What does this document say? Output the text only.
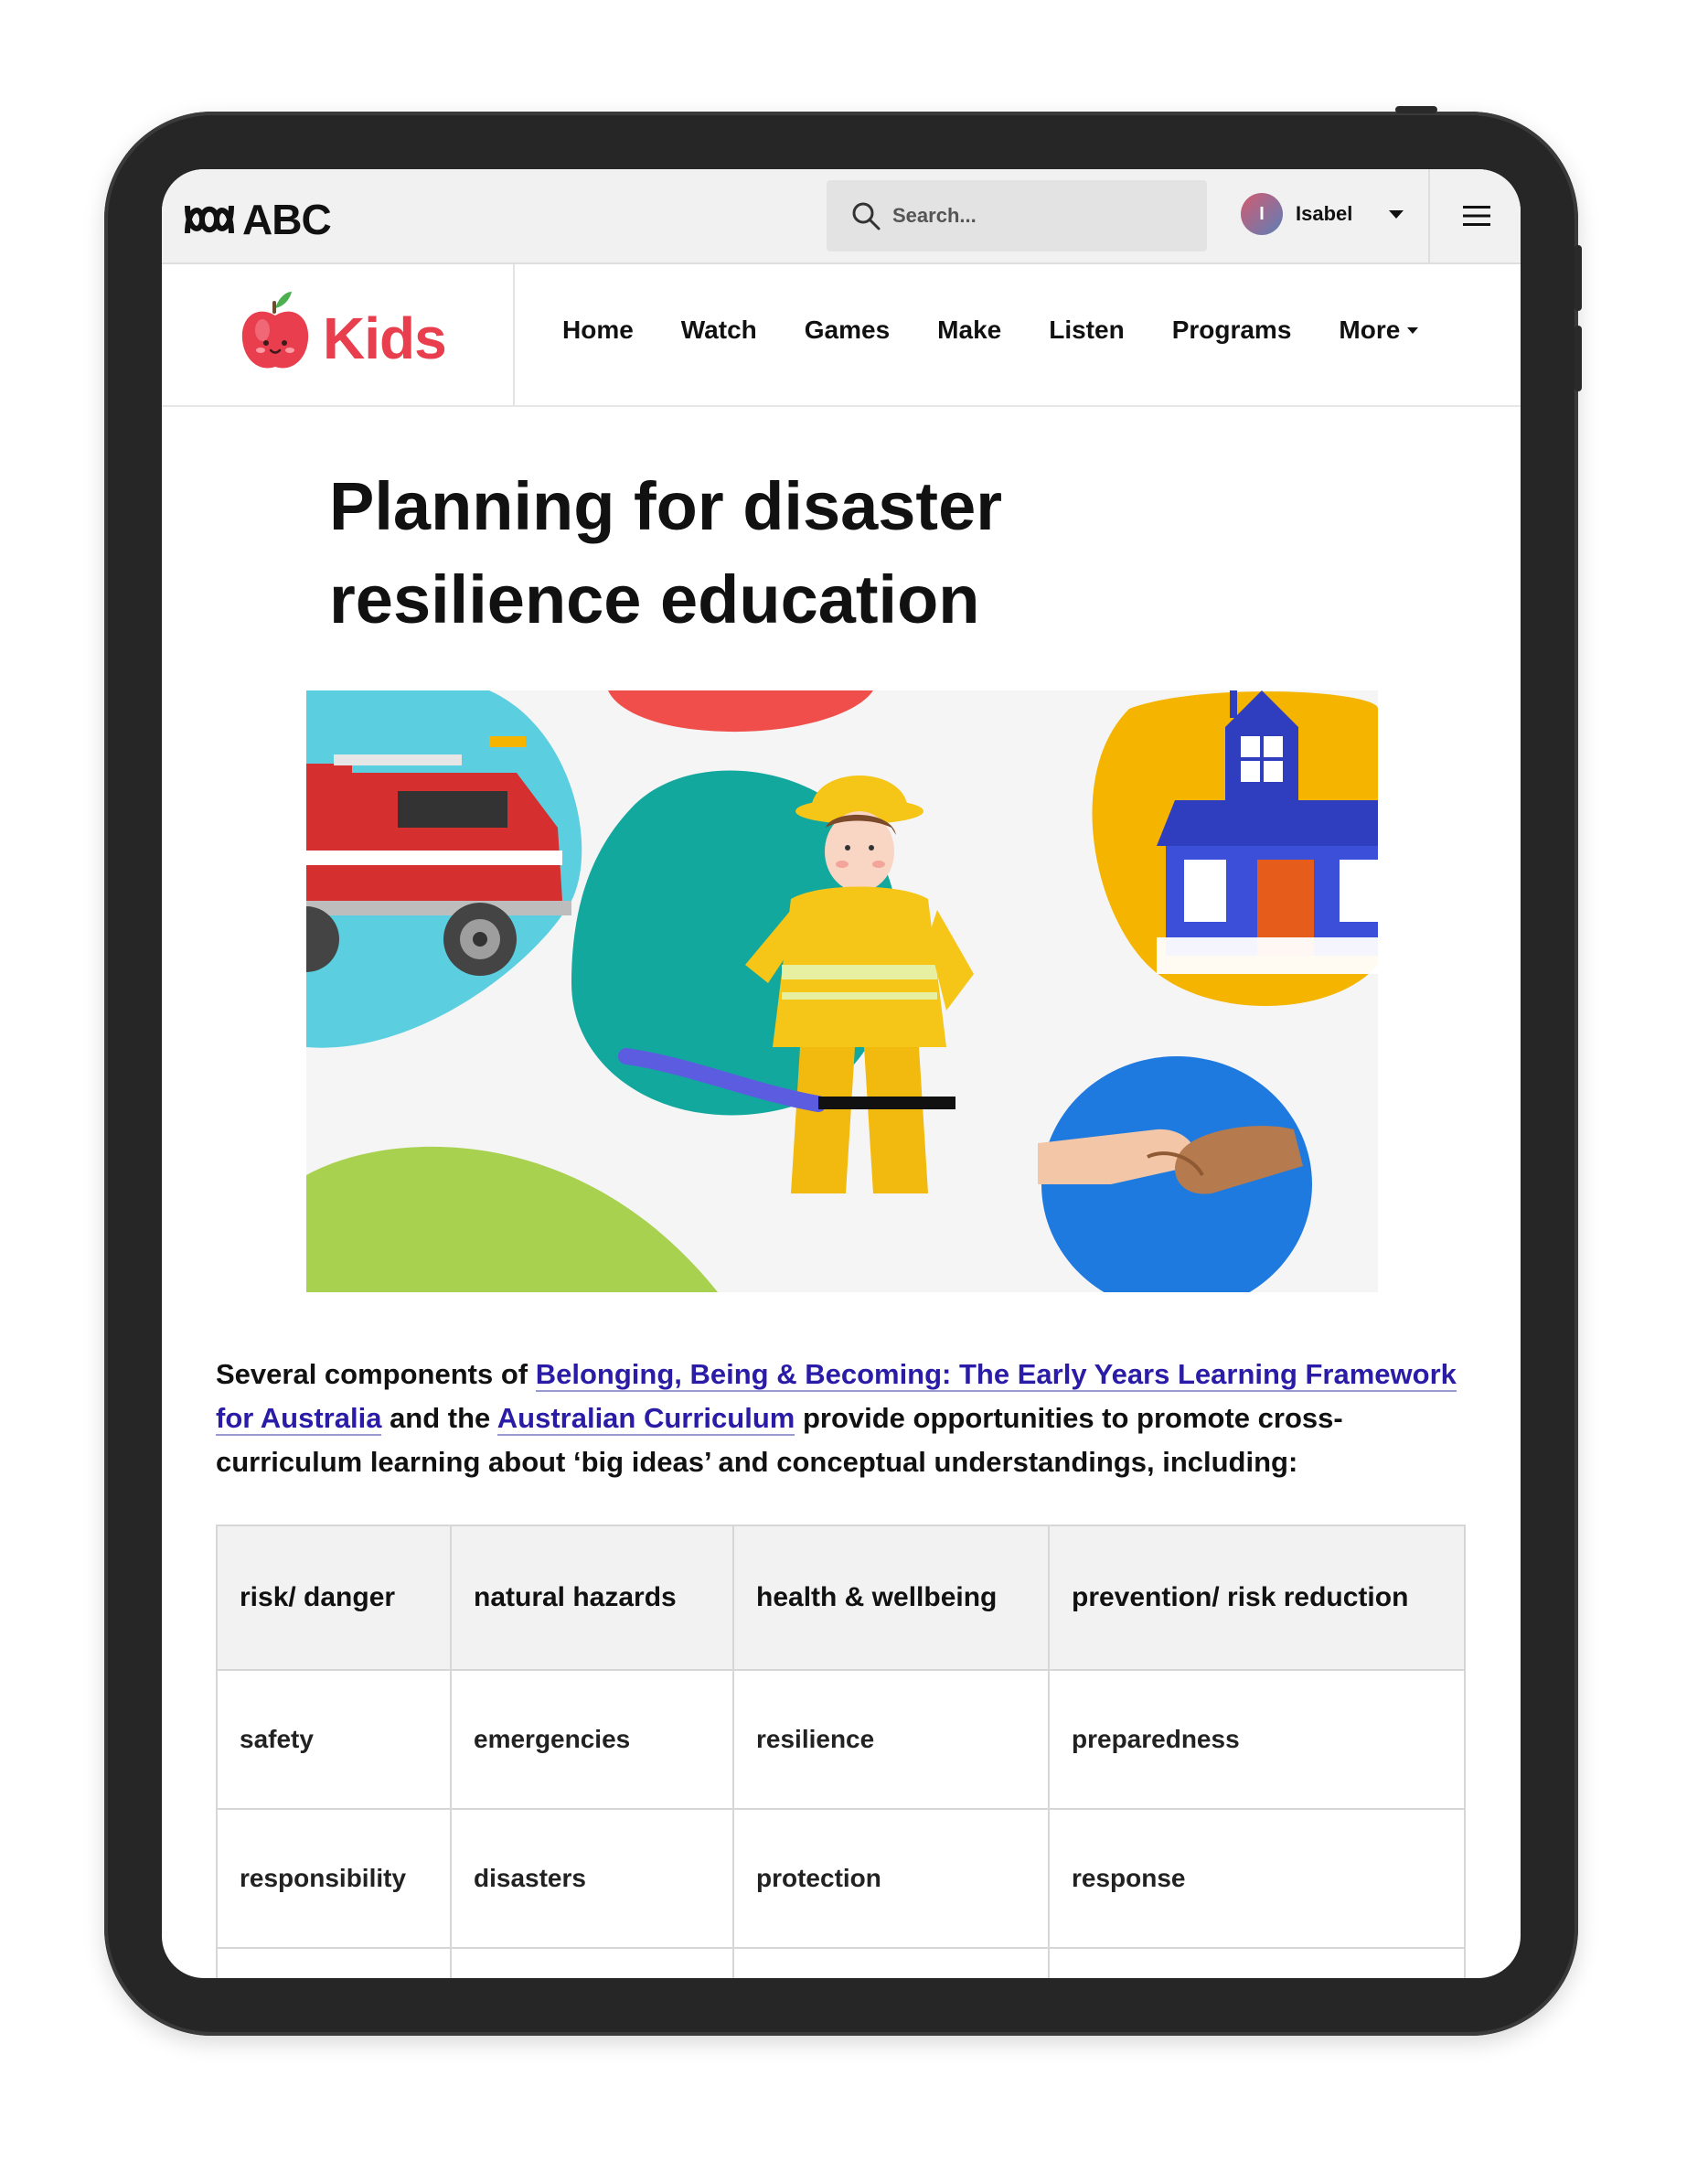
ABC	Search...	I	Isabel
Kids	Home Watch Games Make Listen Programs More
Planning for disaster
resilience education

Several components of Belonging, Being & Becoming: The Early Years Learning Framework for Australia and the Australian Curriculum provide opportunities to promote cross-curriculum learning about ‘big ideas’ and conceptual understandings, including:

risk/ danger	natural hazards	health & wellbeing	prevention/ risk reduction
safety	emergencies	resilience	preparedness
responsibility	disasters	protection	response
